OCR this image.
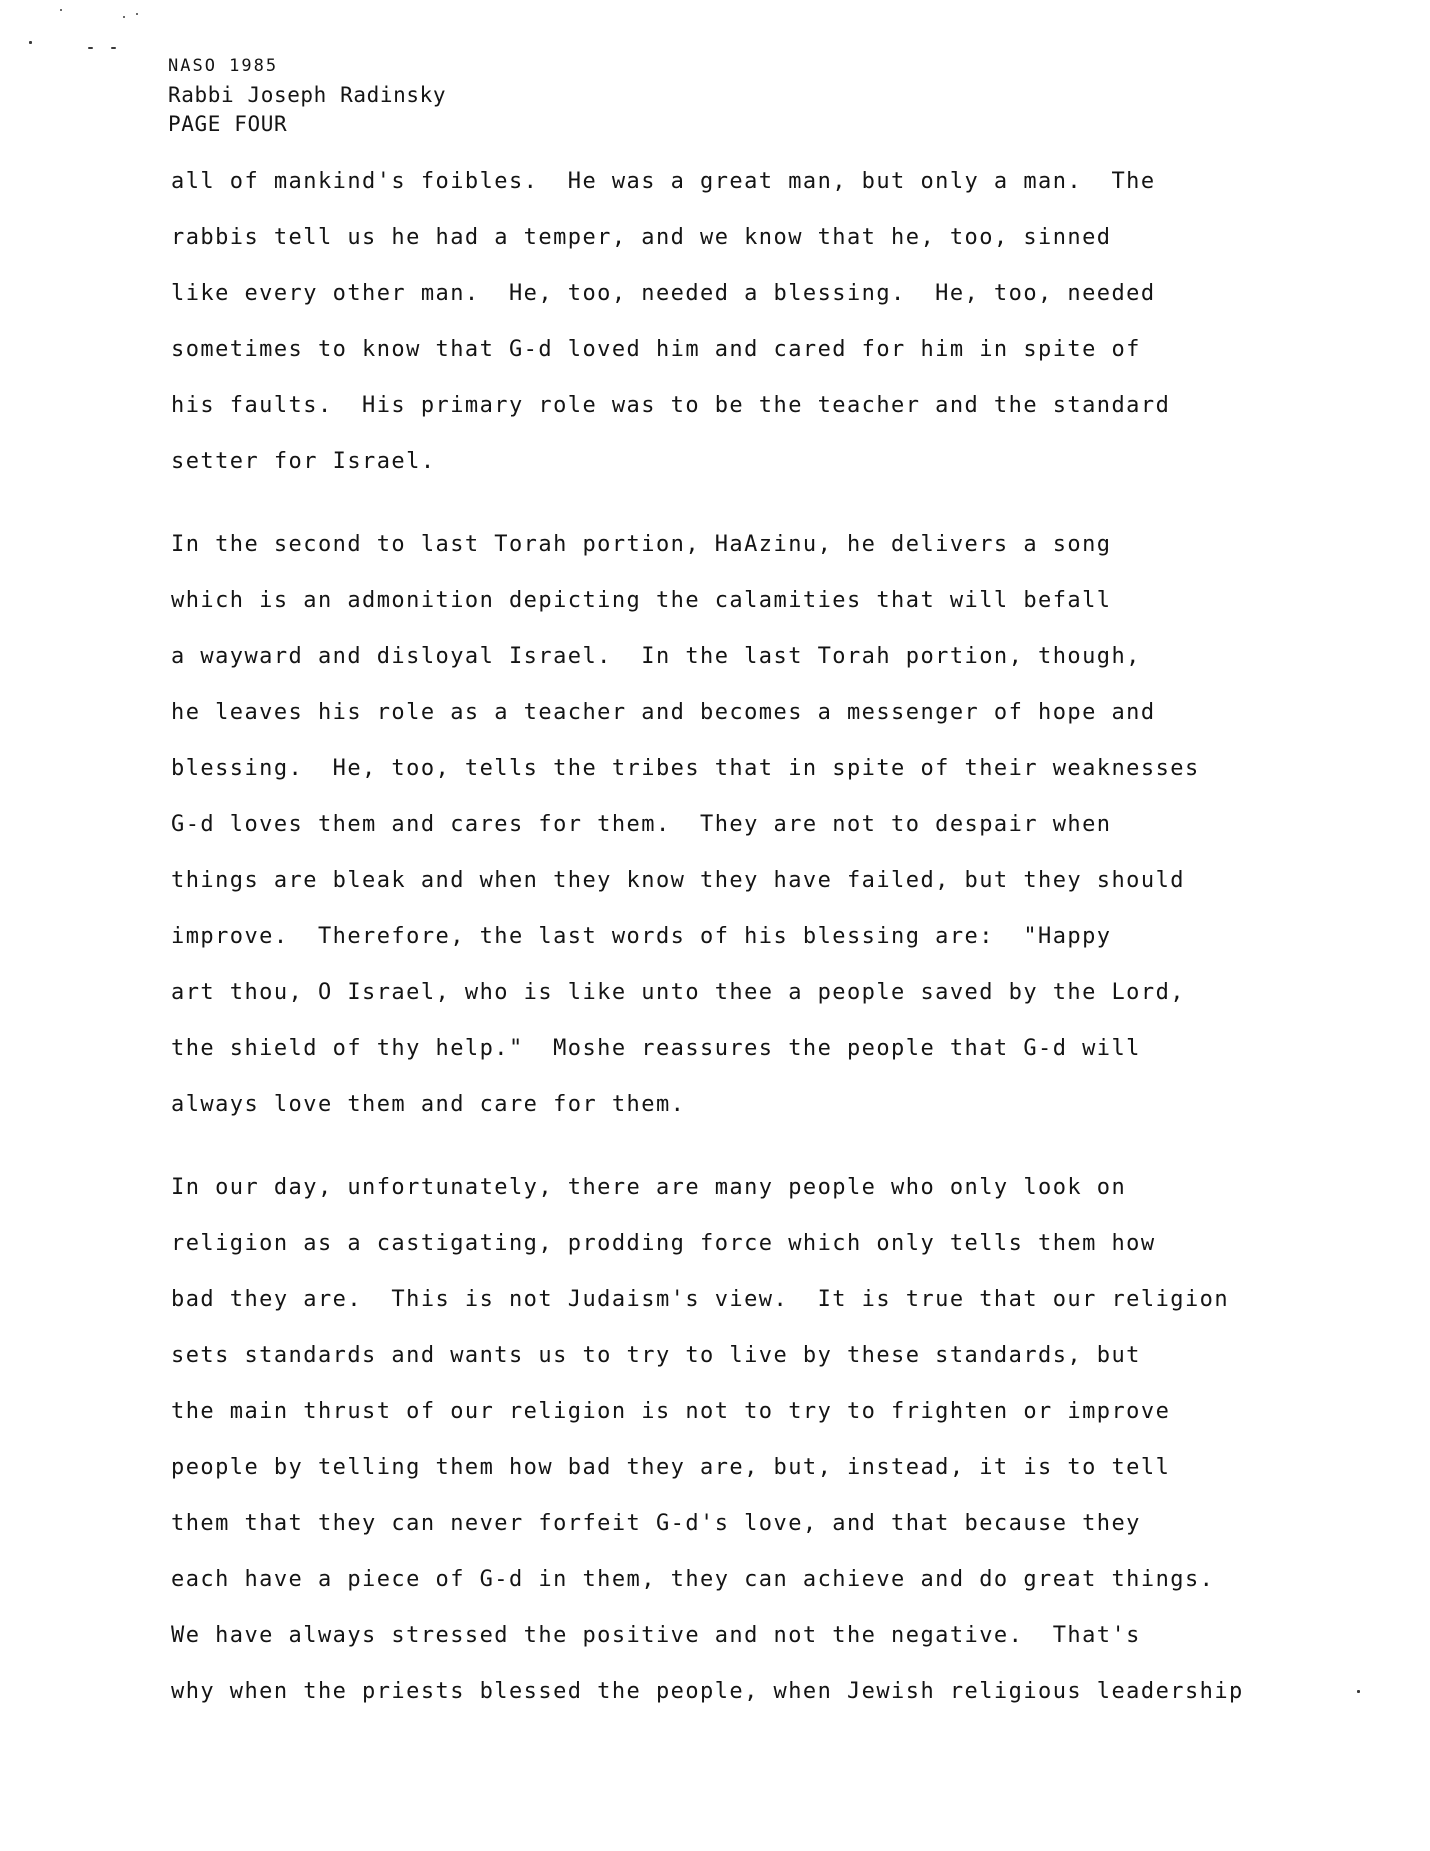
NASO 1985
Rabbi Joseph Radinsky
PAGE FOUR
all of mankind's foibles.  He was a great man, but only a man.  The
rabbis tell us he had a temper, and we know that he, too, sinned
like every other man.  He, too, needed a blessing.  He, too, needed
sometimes to know that G-d loved him and cared for him in spite of
his faults.  His primary role was to be the teacher and the standard
setter for Israel.
In the second to last Torah portion, HaAzinu, he delivers a song
which is an admonition depicting the calamities that will befall
a wayward and disloyal Israel.  In the last Torah portion, though,
he leaves his role as a teacher and becomes a messenger of hope and
blessing.  He, too, tells the tribes that in spite of their weaknesses
G-d loves them and cares for them.  They are not to despair when
things are bleak and when they know they have failed, but they should
improve.  Therefore, the last words of his blessing are:  "Happy
art thou, O Israel, who is like unto thee a people saved by the Lord,
the shield of thy help."  Moshe reassures the people that G-d will
always love them and care for them.
In our day, unfortunately, there are many people who only look on
religion as a castigating, prodding force which only tells them how
bad they are.  This is not Judaism's view.  It is true that our religion
sets standards and wants us to try to live by these standards, but
the main thrust of our religion is not to try to frighten or improve
people by telling them how bad they are, but, instead, it is to tell
them that they can never forfeit G-d's love, and that because they
each have a piece of G-d in them, they can achieve and do great things.
We have always stressed the positive and not the negative.  That's
why when the priests blessed the people, when Jewish religious leadership
